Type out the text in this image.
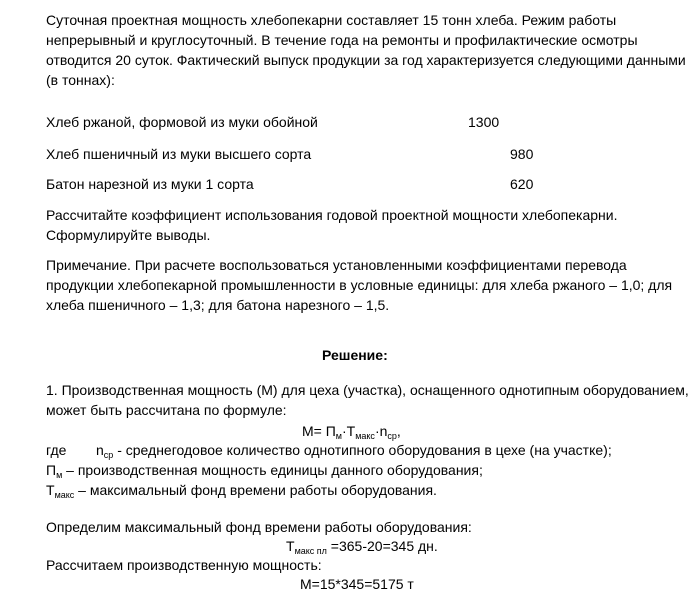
Суточная проектная мощность хлебопекарни составляет 15 тонн хлеба. Режим работы
непрерывный и круглосуточный. В течение года на ремонты и профилактические осмотры
отводится 20 суток. Фактический выпуск продукции за год характеризуется следующими данными
(в тоннах):
Хлеб ржаной, формовой из муки обойной	1300
Хлеб пшеничный из муки высшего сорта	980
Батон нарезной из муки 1 сорта	620
Рассчитайте коэффициент использования годовой проектной мощности хлебопекарни.
Сформулируйте выводы.
Примечание. При расчете воспользоваться установленными коэффициентами перевода
продукции хлебопекарной промышленности в условные единицы: для хлеба ржаного – 1,0; для
хлеба пшеничного – 1,3; для батона нарезного – 1,5.
Решение:
1. Производственная мощность (М) для цеха (участка), оснащенного однотипным оборудованием,
может быть рассчитана по формуле:
$М= П_м\cdot Т_{макс}\cdot n_{ср}$,
где $n_{ср}$ - среднегодовое количество однотипного оборудования в цехе (на участке);
$П_м$ – производственная мощность единицы данного оборудования;
$Т_{макс}$ – максимальный фонд времени работы оборудования.
Определим максимальный фонд времени работы оборудования:
$Т_{макс пл} =365-20=345$ дн.
Рассчитаем производственную мощность:
М=15*345=5175 т
